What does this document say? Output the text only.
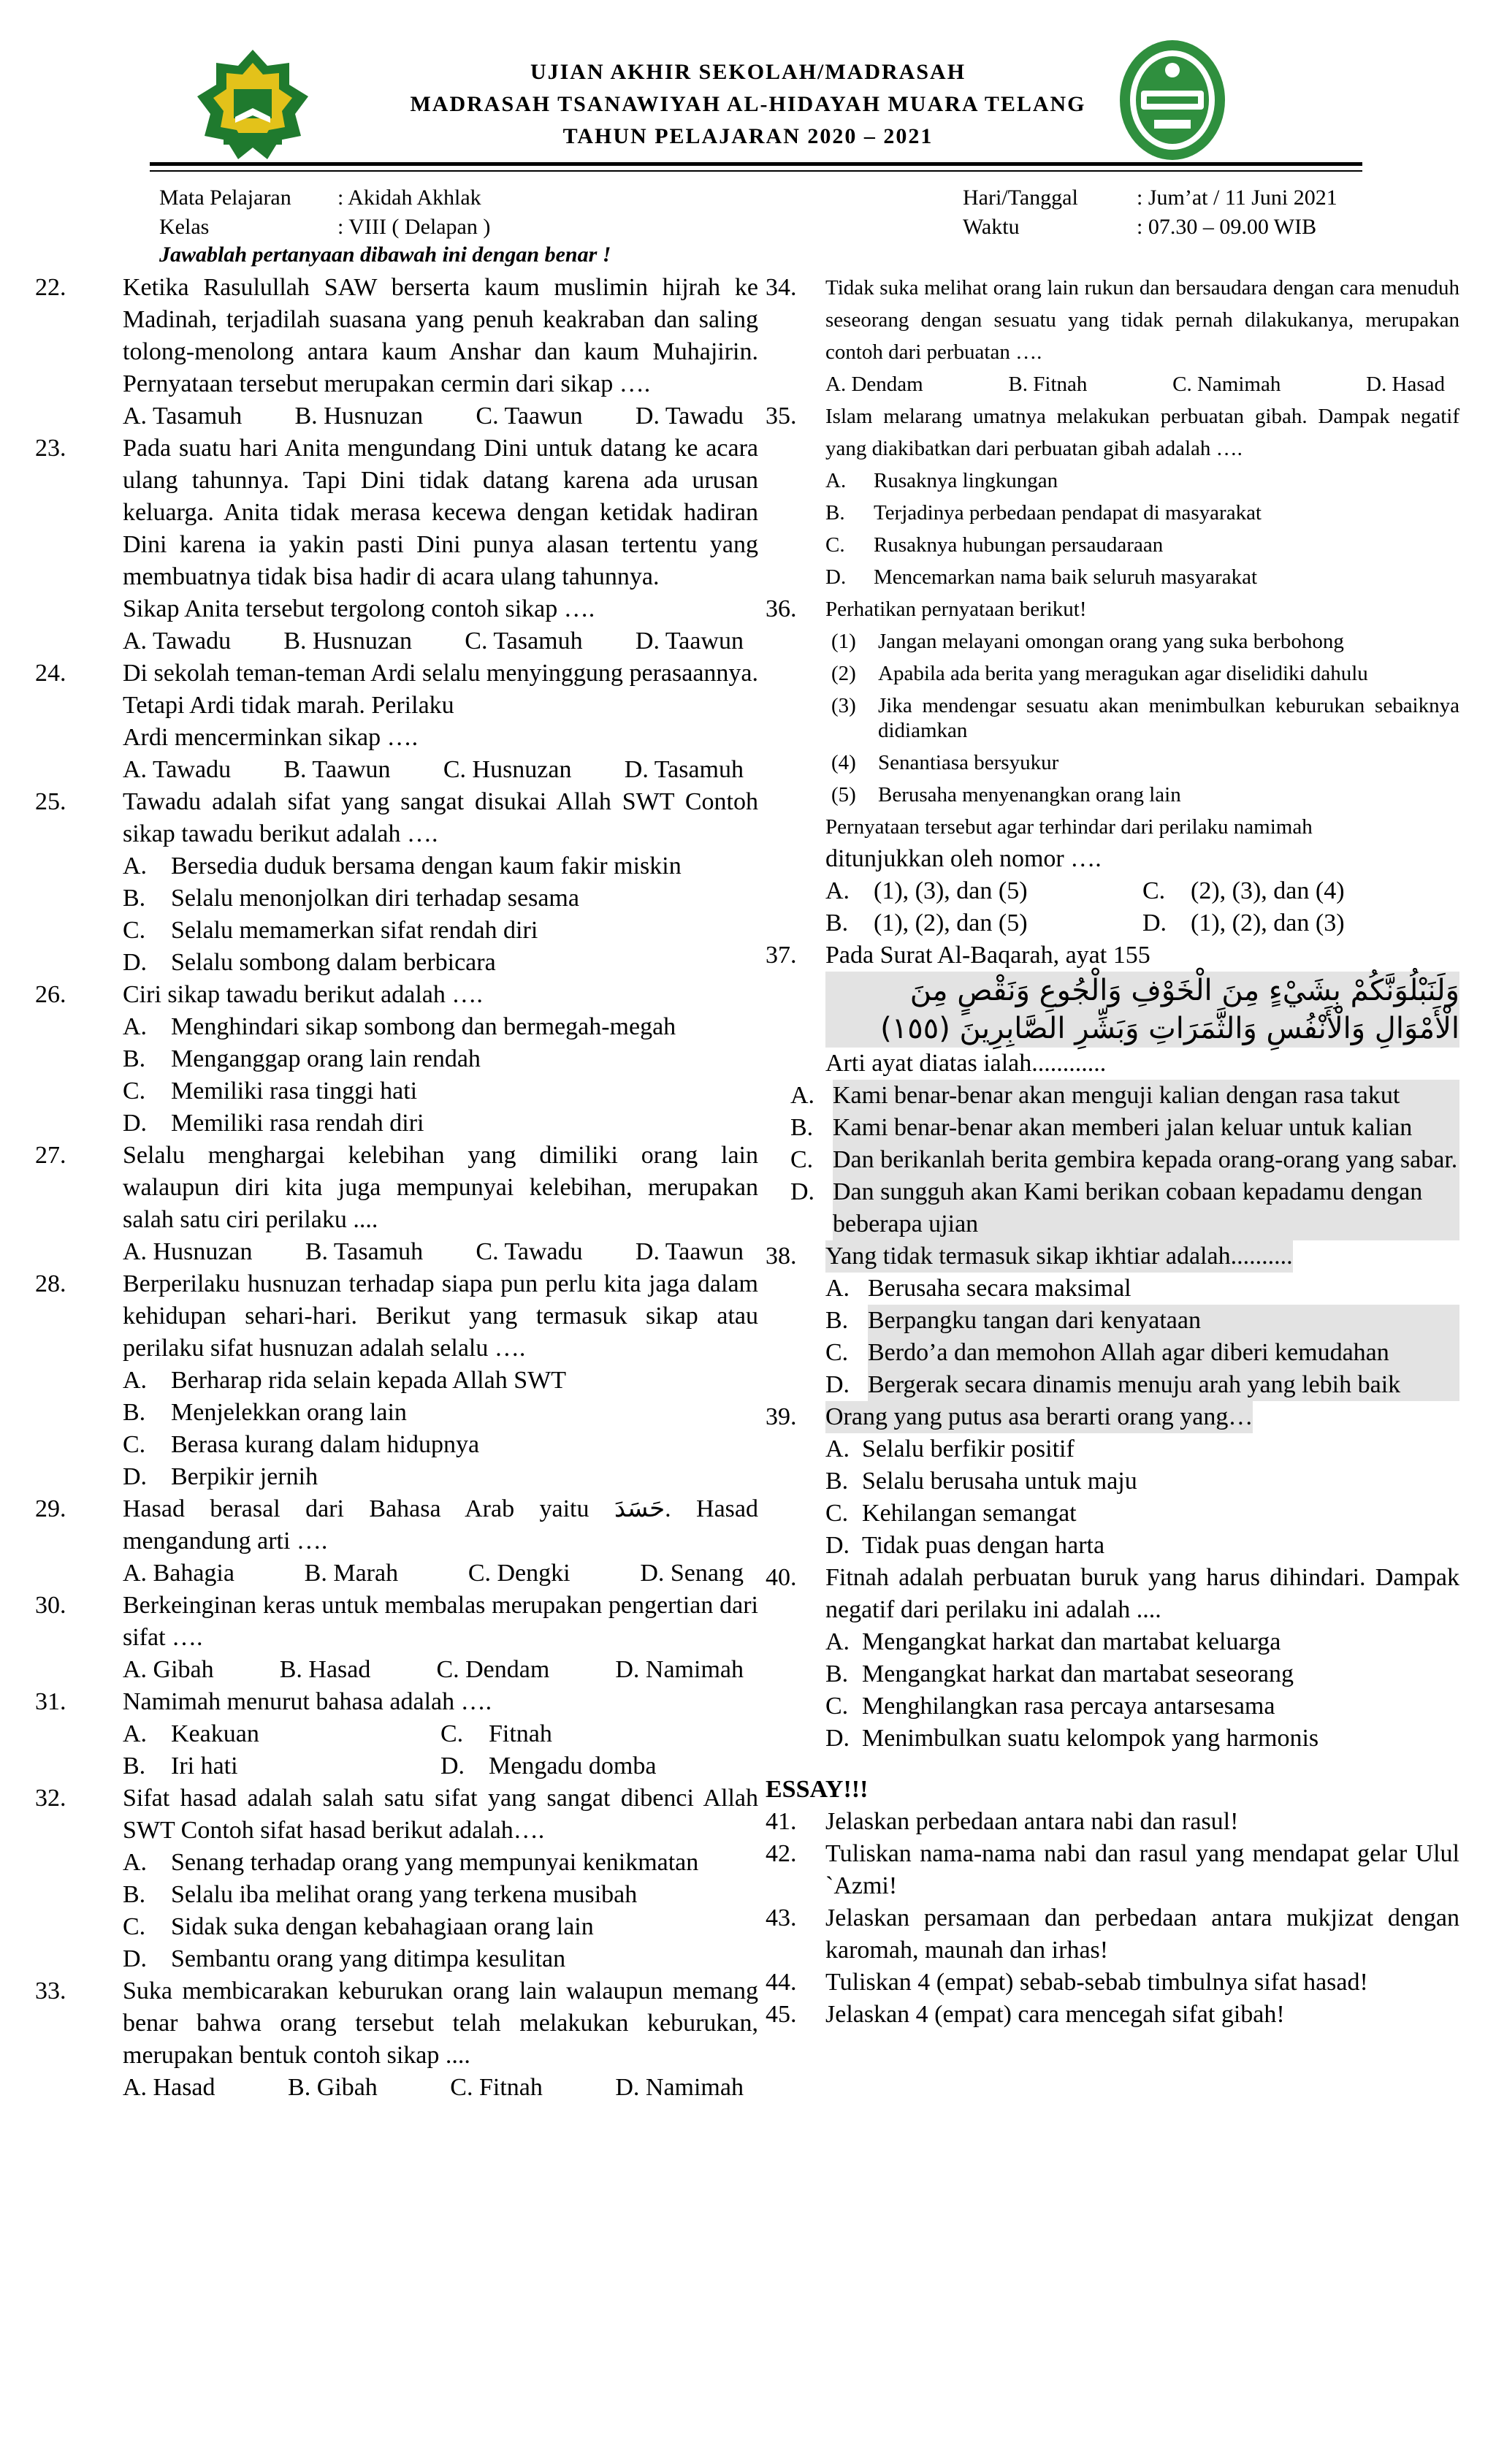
UJIAN AKHIR SEKOLAH/MADRASAH
MADRASAH TSANAWIYAH AL-HIDAYAH MUARA TELANG
TAHUN PELAJARAN 2020 – 2021
Mata Pelajaran : Akidah Akhlak
Kelas	: VIII ( Delapan )
Hari/Tanggal	: Jum’at / 11 Juni 2021
Waktu	: 07.30 – 09.00 WIB
Jawablah pertanyaan dibawah ini dengan benar !
22. Ketika Rasulullah SAW berserta kaum muslimin hijrah ke Madinah, terjadilah suasana yang penuh keakraban dan saling tolong-menolong antara kaum Anshar dan kaum Muhajirin. Pernyataan tersebut merupakan cermin dari sikap ….
A. Tasamuh B. Husnuzan C. Taawun D. Tawadu
23. Pada suatu hari Anita mengundang Dini untuk datang ke acara ulang tahunnya. Tapi Dini tidak datang karena ada urusan keluarga. Anita tidak merasa kecewa dengan ketidak hadiran Dini karena ia yakin pasti Dini punya alasan tertentu yang membuatnya tidak bisa hadir di acara ulang tahunnya.
Sikap Anita tersebut tergolong contoh sikap ….
A. Tawadu B. Husnuzan C. Tasamuh D. Taawun
24. Di sekolah teman-teman Ardi selalu menyinggung perasaannya. Tetapi Ardi tidak marah. Perilaku
Ardi mencerminkan sikap ….
A. Tawadu B. Taawun C. Husnuzan D. Tasamuh
25. Tawadu adalah sifat yang sangat disukai Allah SWT Contoh sikap tawadu berikut adalah ….
A. Bersedia duduk bersama dengan kaum fakir miskin
B.	Selalu menonjolkan diri terhadap sesama
C.	Selalu memamerkan sifat rendah diri
D. Selalu sombong dalam berbicara
26. Ciri sikap tawadu berikut adalah ….
A. Menghindari sikap sombong dan bermegah-megah
B.	Menganggap orang lain rendah
C.	Memiliki rasa tinggi hati
D. Memiliki rasa rendah diri
27. Selalu menghargai kelebihan yang dimiliki orang lain walaupun diri kita juga mempunyai kelebihan, merupakan salah satu ciri perilaku ....
A. Husnuzan B. Tasamuh C. Tawadu D. Taawun
28. Berperilaku husnuzan terhadap siapa pun perlu kita jaga dalam kehidupan sehari-hari. Berikut yang termasuk sikap atau perilaku sifat husnuzan adalah selalu ….
A. Berharap rida selain kepada Allah SWT
B.	Menjelekkan orang lain
C.	Berasa kurang dalam hidupnya
D. Berpikir jernih
29. Hasad berasal dari Bahasa Arab yaitu حَسَدَ. Hasad mengandung arti ….
A. Bahagia	B. Marah	C. Dengki	D. Senang
30. Berkeinginan keras untuk membalas merupakan pengertian dari sifat ….
A. Gibah	B. Hasad	C. Dendam	D. Namimah
31. Namimah menurut bahasa adalah ….
A. Keakuan	C.	Fitnah
B.	Iri hati	D. Mengadu domba
32. Sifat hasad adalah salah satu sifat yang sangat dibenci Allah SWT Contoh sifat hasad berikut adalah….
A. Senang terhadap orang yang mempunyai kenikmatan
B.	Selalu iba melihat orang yang terkena musibah
C.	Sidak suka dengan kebahagiaan orang lain
D. Sembantu orang yang ditimpa kesulitan
33. Suka membicarakan keburukan orang lain walaupun memang benar bahwa orang tersebut telah melakukan keburukan, merupakan bentuk contoh sikap ....
A. Hasad	B. Gibah	C. Fitnah	D. Namimah
34. Tidak suka melihat orang lain rukun dan bersaudara dengan cara menuduh seseorang dengan sesuatu yang tidak pernah dilakukanya, merupakan contoh dari perbuatan ….
A. Dendam	B. Fitnah	C. Namimah	D. Hasad
35. Islam melarang umatnya melakukan perbuatan gibah. Dampak negatif yang diakibatkan dari perbuatan gibah adalah ….
A.	Rusaknya lingkungan
B.	Terjadinya perbedaan pendapat di masyarakat
C.	Rusaknya hubungan persaudaraan
D.	Mencemarkan nama baik seluruh masyarakat
36. Perhatikan pernyataan berikut!
(1)	Jangan melayani omongan orang yang suka berbohong
(2)	Apabila ada berita yang meragukan agar diselidiki dahulu
(3)	Jika mendengar sesuatu akan menimbulkan keburukan sebaiknya didiamkan
(4)	Senantiasa bersyukur
(5)	Berusaha menyenangkan orang lain
Pernyataan tersebut agar terhindar dari perilaku namimah
ditunjukkan oleh nomor ….
A. (1), (3), dan (5)	C.	(2), (3), dan (4)
B.	(1), (2), dan (5)	D. (1), (2), dan (3)
37. Pada Surat Al-Baqarah, ayat 155
وَلَنَبْلُوَنَّكُمْ بِشَيْءٍ مِنَ الْخَوْفِ وَالْجُوعِ وَنَقْصٍ مِنَ
الْأَمْوَالِ وَالْأَنْفُسِ وَالثَّمَرَاتِ وَبَشِّرِ الصَّابِرِينَ (١٥٥)
Arti ayat diatas ialah............
A. Kami benar-benar akan menguji kalian dengan rasa takut
B. Kami benar-benar akan memberi jalan keluar untuk kalian
C. Dan berikanlah berita gembira kepada orang-orang yang sabar.
D. Dan sungguh akan Kami berikan cobaan kepadamu dengan beberapa ujian
38. Yang tidak termasuk sikap ikhtiar adalah..........
A. Berusaha secara maksimal
B. Berpangku tangan dari kenyataan
C. Berdo’a dan memohon Allah agar diberi kemudahan
D. Bergerak secara dinamis menuju arah yang lebih baik
39. Orang yang putus asa berarti orang yang…
A. Selalu berfikir positif
B. Selalu berusaha untuk maju
C. Kehilangan semangat
D. Tidak puas dengan harta
40. Fitnah adalah perbuatan buruk yang harus dihindari. Dampak negatif dari perilaku ini adalah ....
A. Mengangkat harkat dan martabat keluarga
B. Mengangkat harkat dan martabat seseorang
C. Menghilangkan rasa percaya antarsesama
D. Menimbulkan suatu kelompok yang harmonis
ESSAY!!!
41. Jelaskan perbedaan antara nabi dan rasul!
42. Tuliskan nama-nama nabi dan rasul yang mendapat gelar Ulul `Azmi!
43. Jelaskan persamaan dan perbedaan antara mukjizat dengan karomah, maunah dan irhas!
44. Tuliskan 4 (empat) sebab-sebab timbulnya sifat hasad!
45. Jelaskan 4 (empat) cara mencegah sifat gibah!
